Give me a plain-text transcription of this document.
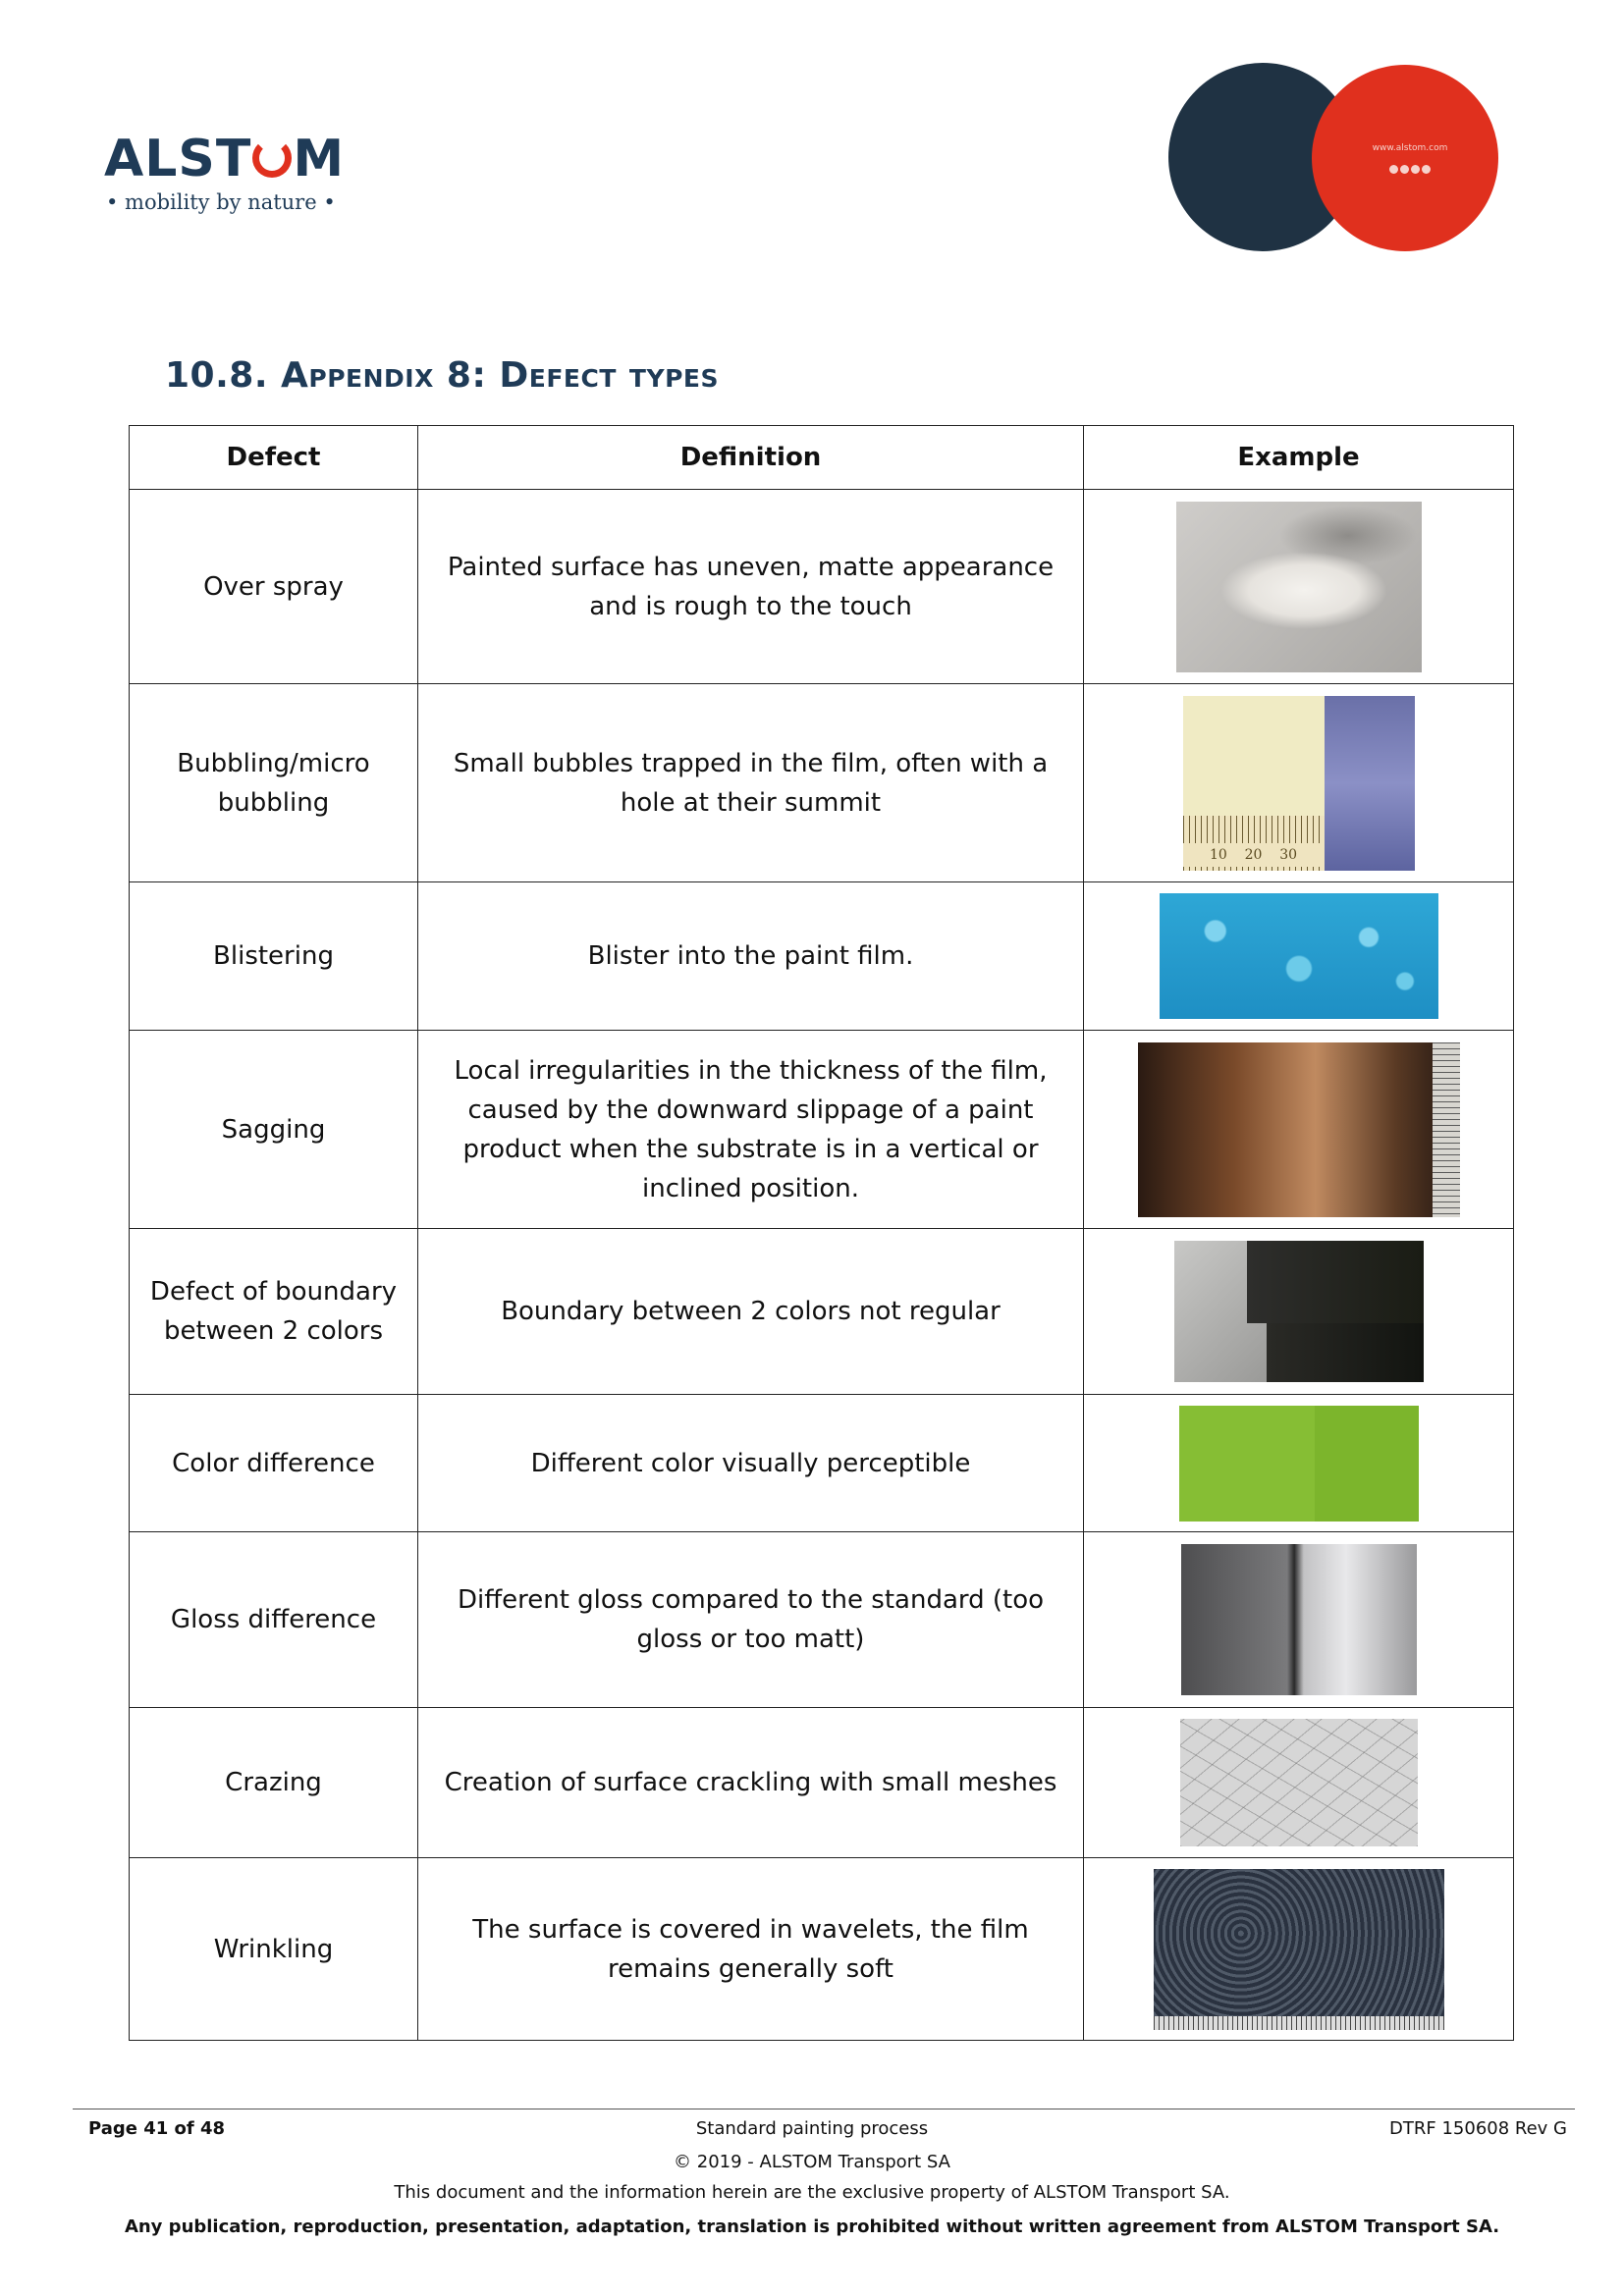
ALST M
• mobility by nature •
www.alstom.com
10.8. Appendix 8: Defect types
Defect	Definition	Example
Over spray	Painted surface has uneven, matte appearance and is rough to the touch	
Bubbling/micro bubbling	Small bubbles trapped in the film, often with a hole at their summit	10 20 30

Blistering	Blister into the paint film.	
Sagging	Local irregularities in the thickness of the film, caused by the downward slippage of a paint product when the substrate is in a vertical or inclined position.	

Defect of boundary between 2 colors	Boundary between 2 colors not regular	

Color difference	Different color visually perceptible	

Gloss difference	Different gloss compared to the standard (too gloss or too matt)	
Crazing	Creation of surface crackling with small meshes	
Wrinkling	The surface is covered in wavelets, the film remains generally soft	
Standard painting process
Page 41 of 48	DTRF 150608 Rev G
© 2019 - ALSTOM Transport SA
This document and the information herein are the exclusive property of ALSTOM Transport SA.
Any publication, reproduction, presentation, adaptation, translation is prohibited without written agreement from ALSTOM Transport SA.
